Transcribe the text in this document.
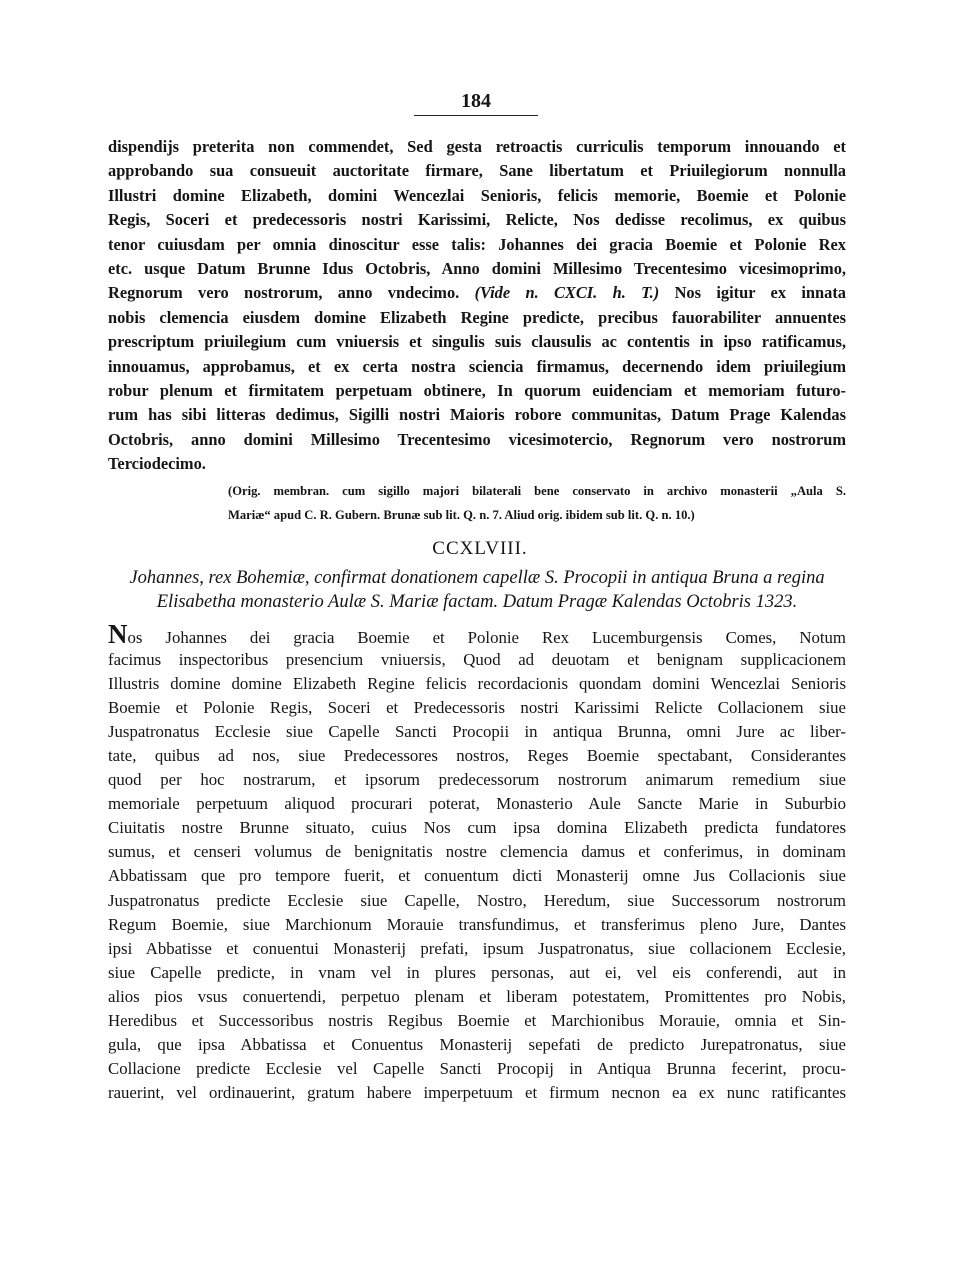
184
dispendijs preterita non commendet, Sed gesta retroactis curriculis temporum innouando et
approbando sua consueuit auctoritate firmare, Sane libertatum et Priuilegiorum nonnulla
Illustri domine Elizabeth, domini Wencezlai Senioris, felicis memorie, Boemie et Polonie
Regis, Soceri et predecessoris nostri Karissimi, Relicte, Nos dedisse recolimus, ex quibus
tenor cuiusdam per omnia dinoscitur esse talis: Johannes dei gracia Boemie et Polonie Rex
etc. usque Datum Brunne Idus Octobris, Anno domini Millesimo Trecentesimo vicesimoprimo,
Regnorum vero nostrorum, anno vndecimo. (Vide n. CXCI. h. T.) Nos igitur ex innata
nobis clemencia eiusdem domine Elizabeth Regine predicte, precibus fauorabiliter annuentes
prescriptum priuilegium cum vniuersis et singulis suis clausulis ac contentis in ipso ratificamus,
innouamus, approbamus, et ex certa nostra sciencia firmamus, decernendo idem priuilegium
robur plenum et firmitatem perpetuam obtinere, In quorum euidenciam et memoriam futuro-
rum has sibi litteras dedimus, Sigilli nostri Maioris robore communitas, Datum Prage Kalendas
Octobris, anno domini Millesimo Trecentesimo vicesimotercio, Regnorum vero nostrorum
Terciodecimo.
(Orig. membran. cum sigillo majori bilaterali bene conservato in archivo monasterii „Aula S.
Mariæ“ apud C. R. Gubern. Brunæ sub lit. Q. n. 7. Aliud orig. ibidem sub lit. Q. n. 10.)
CCXLVIII.
Johannes, rex Bohemiæ, confirmat donationem capellæ S. Procopii in antiqua Bruna a regina
Elisabetha monasterio Aulæ S. Mariæ factam. Datum Pragæ Kalendas Octobris 1323.
Nos Johannes dei gracia Boemie et Polonie Rex Lucemburgensis Comes, Notum
facimus inspectoribus presencium vniuersis, Quod ad deuotam et benignam supplicacionem
Illustris domine domine Elizabeth Regine felicis recordacionis quondam domini Wencezlai Senioris
Boemie et Polonie Regis, Soceri et Predecessoris nostri Karissimi Relicte Collacionem siue
Juspatronatus Ecclesie siue Capelle Sancti Procopii in antiqua Brunna, omni Jure ac liber-
tate, quibus ad nos, siue Predecessores nostros, Reges Boemie spectabant, Considerantes
quod per hoc nostrarum, et ipsorum predecessorum nostrorum animarum remedium siue
memoriale perpetuum aliquod procurari poterat, Monasterio Aule Sancte Marie in Suburbio
Ciuitatis nostre Brunne situato, cuius Nos cum ipsa domina Elizabeth predicta fundatores
sumus, et censeri volumus de benignitatis nostre clemencia damus et conferimus, in dominam
Abbatissam que pro tempore fuerit, et conuentum dicti Monasterij omne Jus Collacionis siue
Juspatronatus predicte Ecclesie siue Capelle, Nostro, Heredum, siue Successorum nostrorum
Regum Boemie, siue Marchionum Morauie transfundimus, et transferimus pleno Jure, Dantes
ipsi Abbatisse et conuentui Monasterij prefati, ipsum Juspatronatus, siue collacionem Ecclesie,
siue Capelle predicte, in vnam vel in plures personas, aut ei, vel eis conferendi, aut in
alios pios vsus conuertendi, perpetuo plenam et liberam potestatem, Promittentes pro Nobis,
Heredibus et Successoribus nostris Regibus Boemie et Marchionibus Morauie, omnia et Sin-
gula, que ipsa Abbatissa et Conuentus Monasterij sepefati de predicto Jurepatronatus, siue
Collacione predicte Ecclesie vel Capelle Sancti Procopij in Antiqua Brunna fecerint, procu-
rauerint, vel ordinauerint, gratum habere imperpetuum et firmum necnon ea ex nunc ratificantes
